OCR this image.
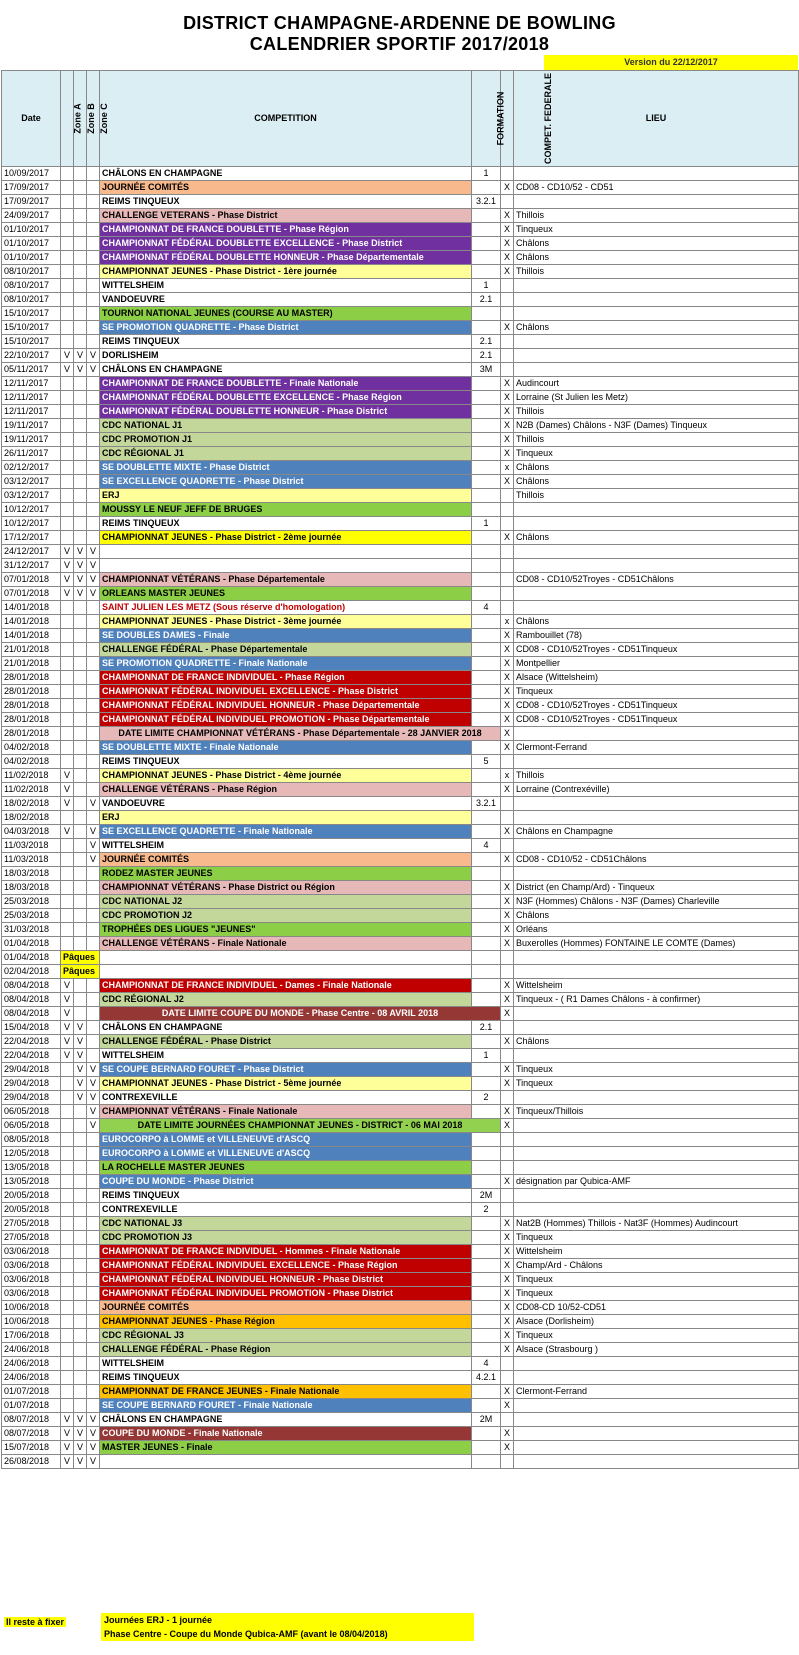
DISTRICT CHAMPAGNE-ARDENNE DE BOWLING
CALENDRIER SPORTIF 2017/2018
Version du 22/12/2017
Date	Zone A	Zone B	Zone C	COMPETITION	FORMATION	COMPET. FEDERALE	LIEU
10/09/2017				CHÂLONS EN CHAMPAGNE	1		
17/09/2017				JOURNÉE COMITÉS		X	CD08 - CD10/52 - CD51
17/09/2017				REIMS TINQUEUX	3.2.1		
24/09/2017				CHALLENGE VETERANS - Phase District		X	Thillois
01/10/2017				CHAMPIONNAT DE FRANCE DOUBLETTE - Phase Région		X	Tinqueux
01/10/2017				CHAMPIONNAT FÉDÉRAL DOUBLETTE EXCELLENCE - Phase District		X	Châlons
01/10/2017				CHAMPIONNAT FÉDÉRAL DOUBLETTE HONNEUR - Phase Départementale		X	Châlons
08/10/2017				CHAMPIONNAT JEUNES - Phase District - 1ère journée		X	Thillois
08/10/2017				WITTELSHEIM	1		
08/10/2017				VANDOEUVRE	2.1		
15/10/2017				TOURNOI NATIONAL JEUNES (COURSE AU MASTER)			
15/10/2017				SE PROMOTION QUADRETTE - Phase District		X	Châlons
15/10/2017				REIMS TINQUEUX	2.1		
22/10/2017	V	V	V	DORLISHEIM	2.1		
05/11/2017	V	V	V	CHÂLONS EN CHAMPAGNE	3M		
12/11/2017				CHAMPIONNAT DE FRANCE DOUBLETTE - Finale Nationale		X	Audincourt
12/11/2017				CHAMPIONNAT FÉDÉRAL DOUBLETTE EXCELLENCE - Phase Région		X	Lorraine (St Julien les Metz)
12/11/2017				CHAMPIONNAT FÉDÉRAL DOUBLETTE HONNEUR - Phase District		X	Thillois
19/11/2017				CDC NATIONAL J1		X	N2B (Dames) Châlons - N3F (Dames) Tinqueux
19/11/2017				CDC PROMOTION J1		X	Thillois
26/11/2017				CDC RÉGIONAL J1		X	Tinqueux
02/12/2017				SE DOUBLETTE MIXTE - Phase District		x	Châlons
03/12/2017				SE EXCELLENCE QUADRETTE - Phase District		X	Châlons
03/12/2017				ERJ			Thillois
10/12/2017				MOUSSY LE NEUF JEFF DE BRUGES			
10/12/2017				REIMS TINQUEUX	1		
17/12/2017				CHAMPIONNAT JEUNES - Phase District - 2ème journée		X	Châlons
24/12/2017	V	V	V				
31/12/2017	V	V	V				
07/01/2018	V	V	V	CHAMPIONNAT VÉTÉRANS - Phase Départementale			CD08 - CD10/52Troyes - CD51Châlons
07/01/2018	V	V	V	ORLEANS MASTER JEUNES			
14/01/2018				SAINT JULIEN LES METZ (Sous réserve d'homologation)	4		
14/01/2018				CHAMPIONNAT JEUNES - Phase District - 3ème journée		x	Châlons
14/01/2018				SE DOUBLES DAMES - Finale		X	Rambouillet (78)
21/01/2018				CHALLENGE FÉDÉRAL - Phase Départementale		X	CD08 - CD10/52Troyes - CD51Tinqueux
21/01/2018				SE PROMOTION QUADRETTE - Finale Nationale		X	Montpellier
28/01/2018				CHAMPIONNAT DE FRANCE INDIVIDUEL - Phase Région		X	Alsace (Wittelsheim)
28/01/2018				CHAMPIONNAT FÉDÉRAL INDIVIDUEL EXCELLENCE - Phase District		X	Tinqueux
28/01/2018				CHAMPIONNAT FÉDÉRAL INDIVIDUEL HONNEUR - Phase Départementale		X	CD08 - CD10/52Troyes - CD51Tinqueux
28/01/2018				CHAMPIONNAT FÉDÉRAL INDIVIDUEL PROMOTION - Phase Départementale		X	CD08 - CD10/52Troyes - CD51Tinqueux
28/01/2018				DATE LIMITE CHAMPIONNAT VÉTÉRANS - Phase Départementale - 28 JANVIER 2018		X	
04/02/2018				SE DOUBLETTE MIXTE - Finale Nationale		X	Clermont-Ferrand
04/02/2018				REIMS TINQUEUX	5		
11/02/2018	V			CHAMPIONNAT JEUNES - Phase District - 4ème journée		x	Thillois
11/02/2018	V			CHALLENGE VÉTÉRANS - Phase Région		X	Lorraine (Contrexéville)
18/02/2018	V		V	VANDOEUVRE	3.2.1		
18/02/2018				ERJ			
04/03/2018	V		V	SE EXCELLENCE QUADRETTE - Finale Nationale		X	Châlons en Champagne
11/03/2018			V	WITTELSHEIM	4		
11/03/2018			V	JOURNÉE COMITÉS		X	CD08 - CD10/52 - CD51Châlons
18/03/2018				RODEZ MASTER JEUNES			
18/03/2018				CHAMPIONNAT VÉTÉRANS - Phase District ou Région		X	District (en Champ/Ard) - Tinqueux
25/03/2018				CDC NATIONAL J2		X	N3F (Hommes) Châlons - N3F (Dames) Charleville
25/03/2018				CDC PROMOTION J2		X	Châlons
31/03/2018				TROPHÉES DES LIGUES "JEUNES"		X	Orléans
01/04/2018				CHALLENGE VÉTÉRANS - Finale Nationale		X	Buxerolles (Hommes) FONTAINE LE COMTE (Dames)
01/04/2018	Pâques						
02/04/2018	Pâques						
08/04/2018	V			CHAMPIONNAT DE FRANCE INDIVIDUEL - Dames - Finale Nationale		X	Wittelsheim
08/04/2018	V			CDC RÉGIONAL J2		X	Tinqueux - ( R1 Dames Châlons - à confirmer)
08/04/2018	V			DATE LIMITE COUPE DU MONDE - Phase Centre - 08 AVRIL 2018		X	
15/04/2018	V	V		CHÂLONS EN CHAMPAGNE	2.1		
22/04/2018	V	V		CHALLENGE FÉDÉRAL - Phase District		X	Châlons
22/04/2018	V	V		WITTELSHEIM	1		
29/04/2018		V	V	SE COUPE BERNARD FOURET - Phase District		X	Tinqueux
29/04/2018		V	V	CHAMPIONNAT JEUNES - Phase District - 5ème journée		X	Tinqueux
29/04/2018		V	V	CONTREXEVILLE	2		
06/05/2018			V	CHAMPIONNAT VÉTÉRANS - Finale Nationale		X	Tinqueux/Thillois
06/05/2018			V	DATE LIMITE JOURNÉES CHAMPIONNAT JEUNES - DISTRICT - 06 MAI 2018		X	
08/05/2018				EUROCORPO à LOMME et VILLENEUVE d'ASCQ			
12/05/2018				EUROCORPO à LOMME et VILLENEUVE d'ASCQ			
13/05/2018				LA ROCHELLE MASTER JEUNES			
13/05/2018				COUPE DU MONDE - Phase District		X	désignation par Qubica-AMF
20/05/2018				REIMS TINQUEUX	2M		
20/05/2018				CONTREXEVILLE	2		
27/05/2018				CDC NATIONAL J3		X	Nat2B (Hommes) Thillois - Nat3F (Hommes) Audincourt
27/05/2018				CDC PROMOTION J3		X	Tinqueux
03/06/2018				CHAMPIONNAT DE FRANCE INDIVIDUEL - Hommes - Finale Nationale		X	Wittelsheim
03/06/2018				CHAMPIONNAT FÉDÉRAL INDIVIDUEL EXCELLENCE - Phase Région		X	Champ/Ard - Châlons
03/06/2018				CHAMPIONNAT FÉDÉRAL INDIVIDUEL HONNEUR - Phase District		X	Tinqueux
03/06/2018				CHAMPIONNAT FÉDÉRAL INDIVIDUEL PROMOTION - Phase District		X	Tinqueux
10/06/2018				JOURNÉE COMITÉS		X	CD08-CD 10/52-CD51
10/06/2018				CHAMPIONNAT JEUNES - Phase Région		X	Alsace (Dorlisheim)
17/06/2018				CDC RÉGIONAL J3		X	Tinqueux
24/06/2018				CHALLENGE FÉDÉRAL - Phase Région		X	Alsace (Strasbourg )
24/06/2018				WITTELSHEIM	4		
24/06/2018				REIMS TINQUEUX	4.2.1		
01/07/2018				CHAMPIONNAT DE FRANCE JEUNES - Finale Nationale		X	Clermont-Ferrand
01/07/2018				SE COUPE BERNARD FOURET - Finale Nationale		X	
08/07/2018	V	V	V	CHÂLONS EN CHAMPAGNE	2M		
08/07/2018	V	V	V	COUPE DU MONDE - Finale Nationale		X	
15/07/2018	V	V	V	MASTER JEUNES - Finale		X	
26/08/2018	V	V	V				
Il reste à fixer	Journées ERJ - 1 journée
Phase Centre - Coupe du Monde Qubica-AMF (avant le 08/04/2018)
